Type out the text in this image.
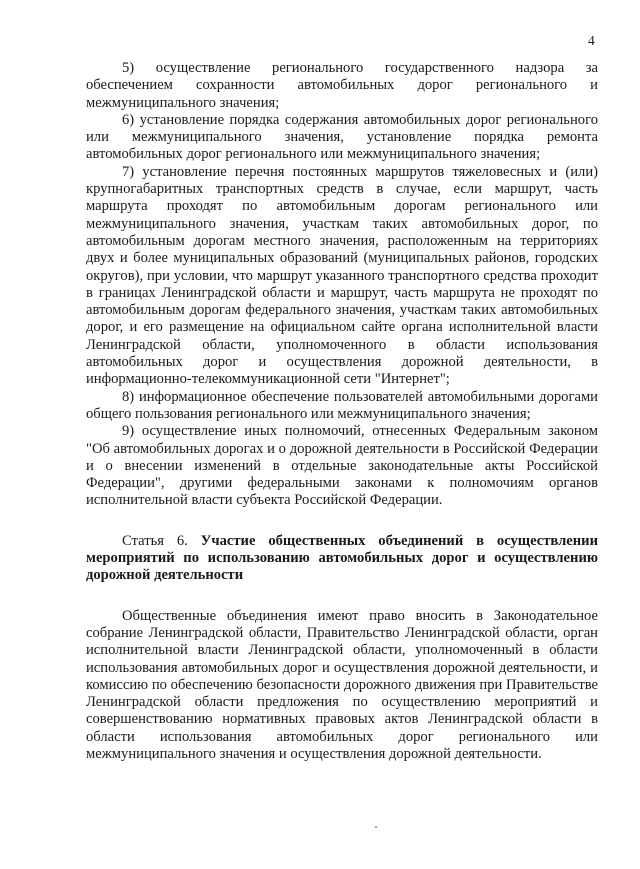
4

5) осуществление регионального государственного надзора за обеспечением сохранности автомобильных дорог регионального и межмуниципального значения;

6) установление порядка содержания автомобильных дорог регионального или межмуниципального значения, установление порядка ремонта автомобильных дорог регионального или межмуниципального значения;

7) установление перечня постоянных маршрутов тяжеловесных и (или) крупногабаритных транспортных средств в случае, если маршрут, часть маршрута проходят по автомобильным дорогам регионального или межмуниципального значения, участкам таких автомобильных дорог, по автомобильным дорогам местного значения, расположенным на территориях двух и более муниципальных образований (муниципальных районов, городских округов), при условии, что маршрут указанного транспортного средства проходит в границах Ленинградской области и маршрут, часть маршрута не проходят по автомобильным дорогам федерального значения, участкам таких автомобильных дорог, и его размещение на официальном сайте органа исполнительной власти Ленинградской области, уполномоченного в области использования автомобильных дорог и осуществления дорожной деятельности, в информационно-телекоммуникационной сети "Интернет";

8) информационное обеспечение пользователей автомобильными дорогами общего пользования регионального или межмуниципального значения;

9) осуществление иных полномочий, отнесенных Федеральным законом "Об автомобильных дорогах и о дорожной деятельности в Российской Федерации и о внесении изменений в отдельные законодательные акты Российской Федерации", другими федеральными законами к полномочиям органов исполнительной власти субъекта Российской Федерации.

Статья 6. Участие общественных объединений в осуществлении мероприятий по использованию автомобильных дорог и осуществлению дорожной деятельности

Общественные объединения имеют право вносить в Законодательное собрание Ленинградской области, Правительство Ленинградской области, орган исполнительной власти Ленинградской области, уполномоченный в области использования автомобильных дорог и осуществления дорожной деятельности, и комиссию по обеспечению безопасности дорожного движения при Правительстве Ленинградской области предложения по осуществлению мероприятий и совершенствованию нормативных правовых актов Ленинградской области в области использования автомобильных дорог регионального или межмуниципального значения и осуществления дорожной деятельности.
